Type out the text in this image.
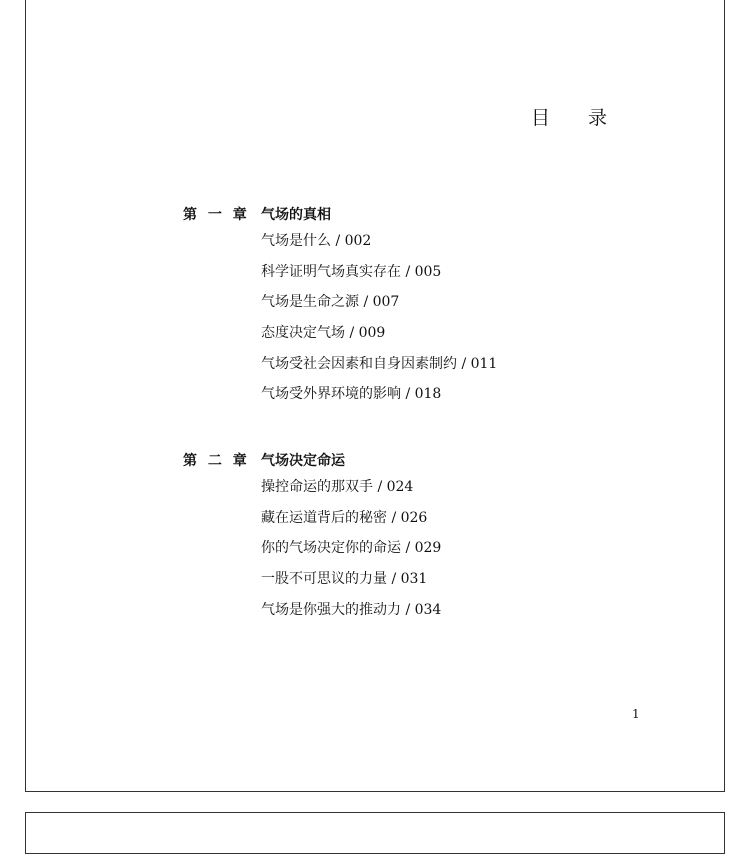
目 录
第 一 章 气场的真相
气场是什么 / 002
科学证明气场真实存在 / 005
气场是生命之源 / 007
态度决定气场 / 009
气场受社会因素和自身因素制约 / 011
气场受外界环境的影响 / 018
第 二 章 气场决定命运
操控命运的那双手 / 024
藏在运道背后的秘密 / 026
你的气场决定你的命运 / 029
一股不可思议的力量 / 031
气场是你强大的推动力 / 034
1
